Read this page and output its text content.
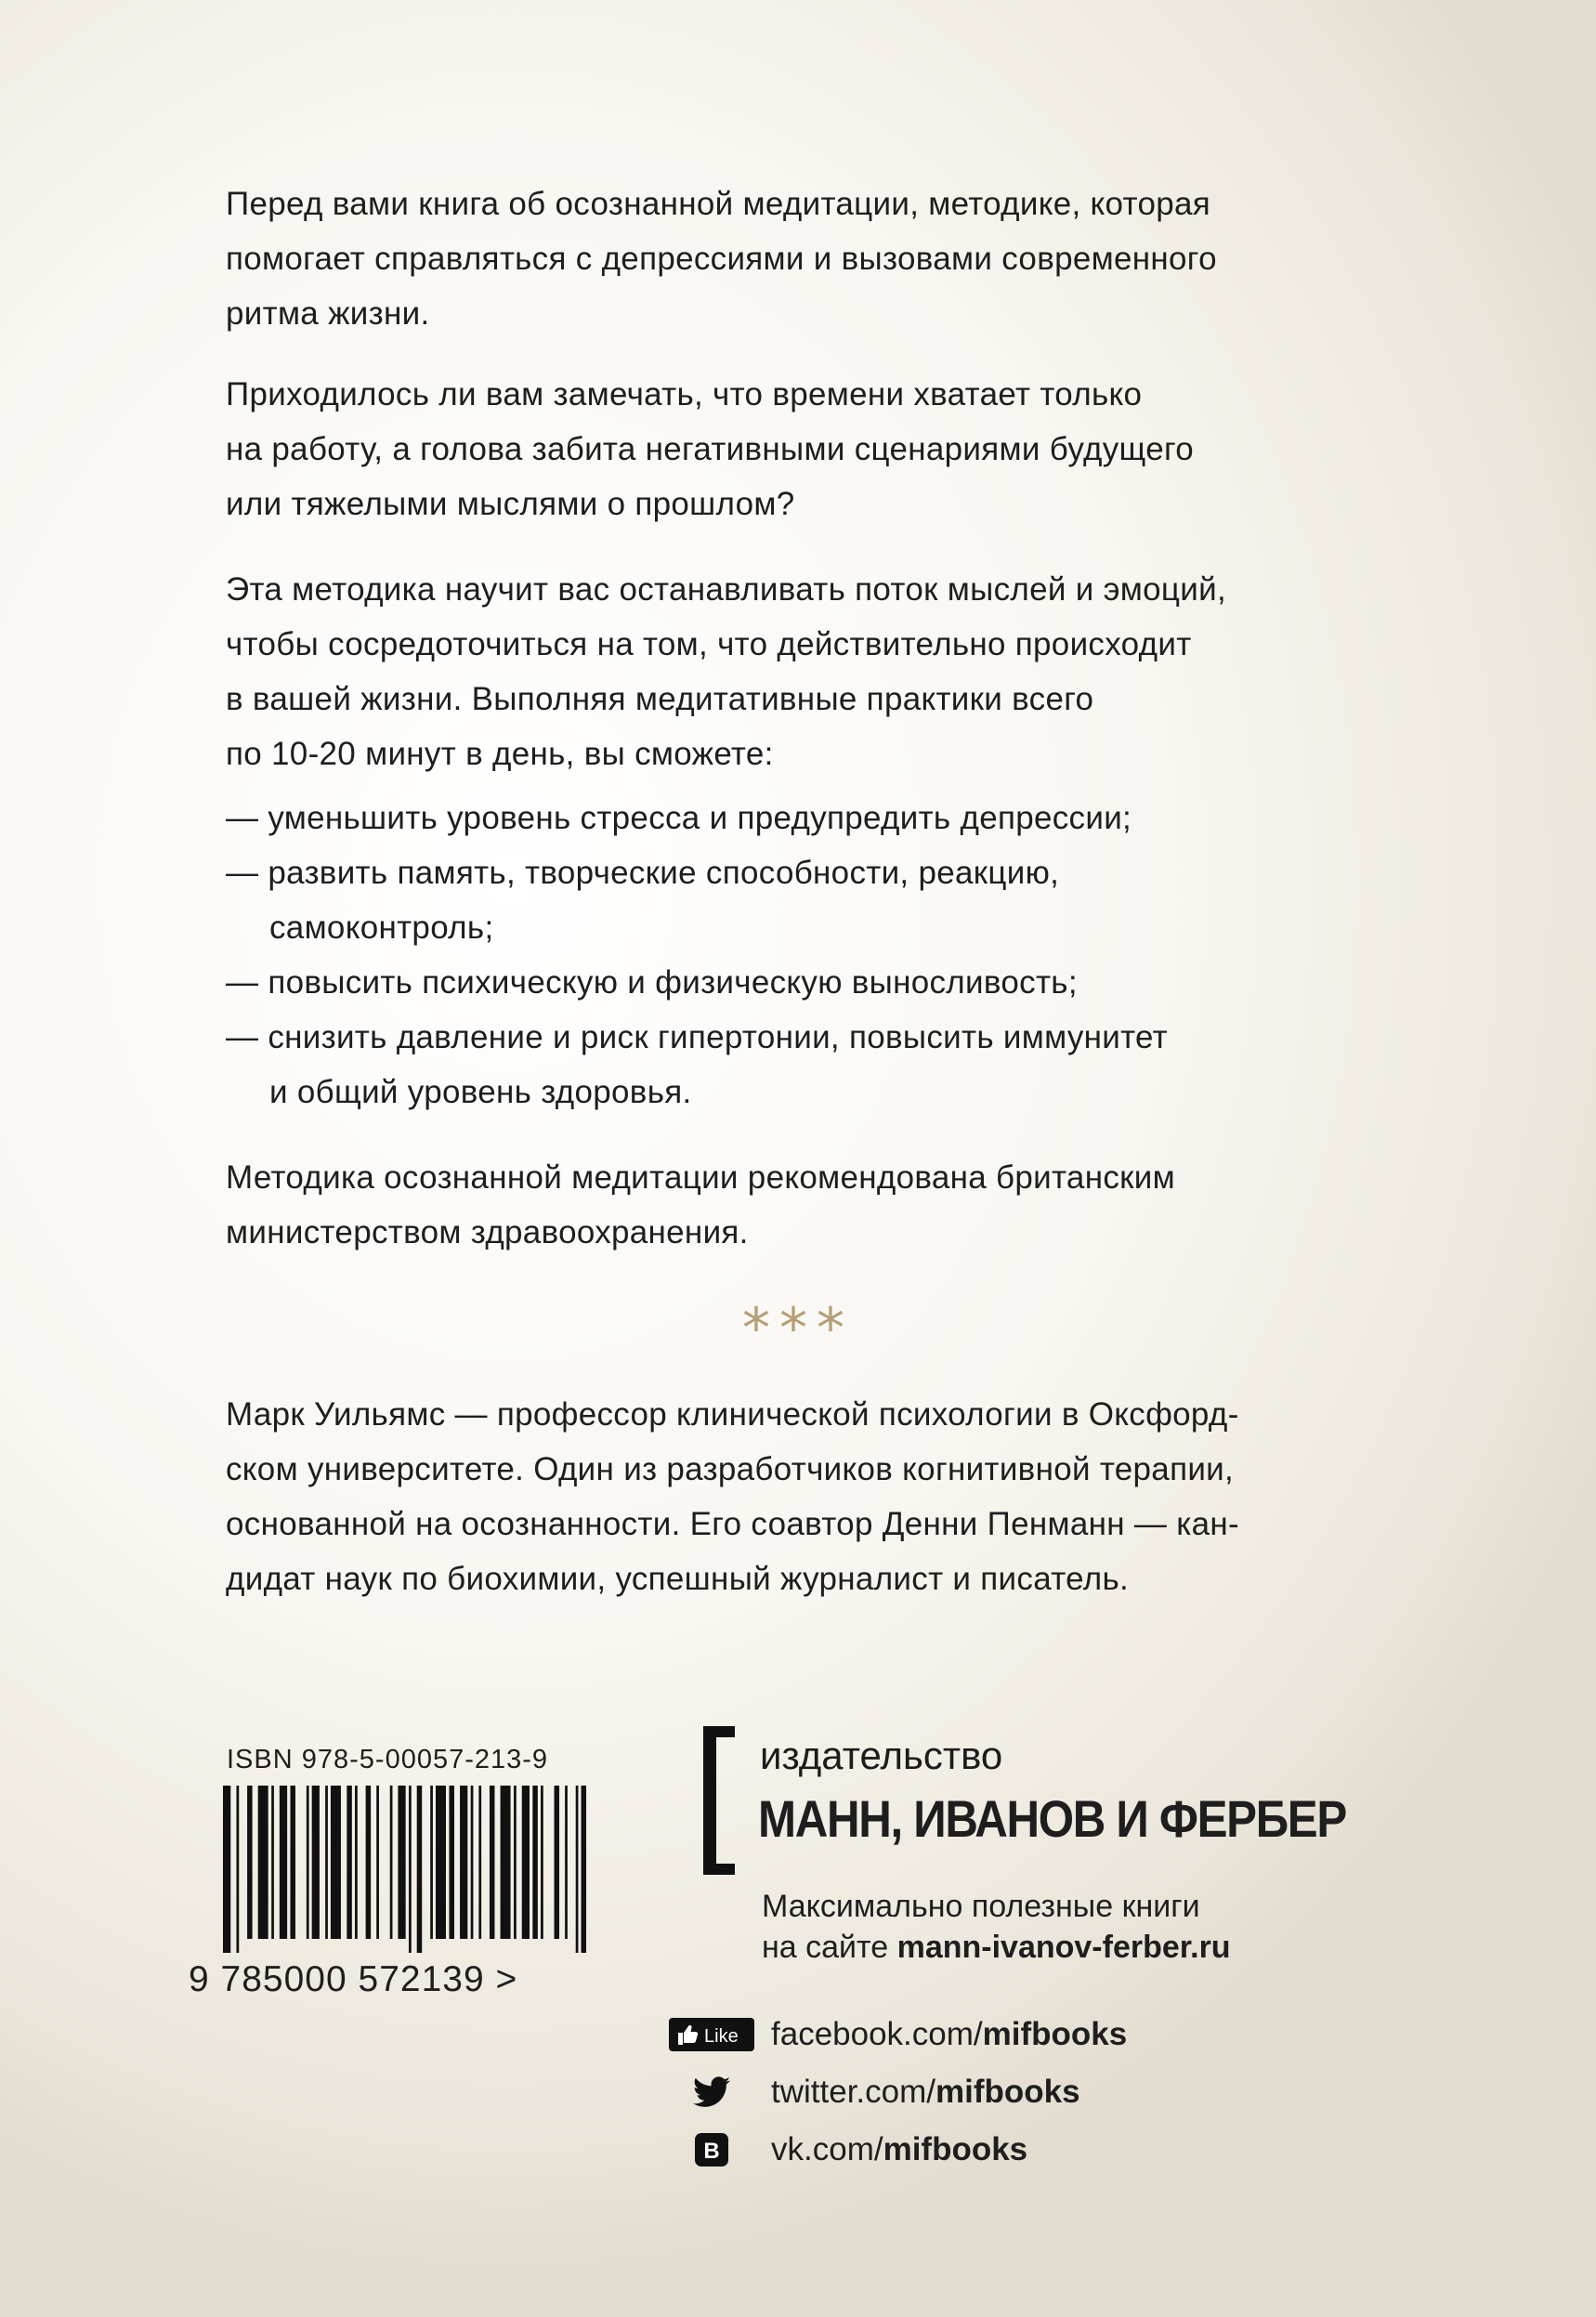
Перед вами книга об осознанной медитации, методике, которая
помогает справляться с депрессиями и вызовами современного
ритма жизни.
Приходилось ли вам замечать, что времени хватает только
на работу, а голова забита негативными сценариями будущего
или тяжелыми мыслями о прошлом?
Эта методика научит вас останавливать поток мыслей и эмоций,
чтобы сосредоточиться на том, что действительно происходит
в вашей жизни. Выполняя медитативные практики всего
по 10-20 минут в день, вы сможете:
— уменьшить уровень стресса и предупредить депрессии;
— развить память, творческие способности, реакцию,
самоконтроль;
— повысить психическую и физическую выносливость;
— снизить давление и риск гипертонии, повысить иммунитет
и общий уровень здоровья.
Методика осознанной медитации рекомендована британским
министерством здравоохранения.
***
Марк Уильямс — профессор клинической психологии в Оксфорд-
ском университете. Один из разработчиков когнитивной терапии,
основанной на осознанности. Его соавтор Денни Пенманн — кан-
дидат наук по биохимии, успешный журналист и писатель.
ISBN 978-5-00057-213-9
9 785000 572139 >
издательство
МАНН, ИВАНОВ И ФЕРБЕР
Максимально полезные книги
на сайте mann-ivanov-ferber.ru
Like facebook.com/mifbooks
twitter.com/mifbooks
В vk.com/mifbooks
